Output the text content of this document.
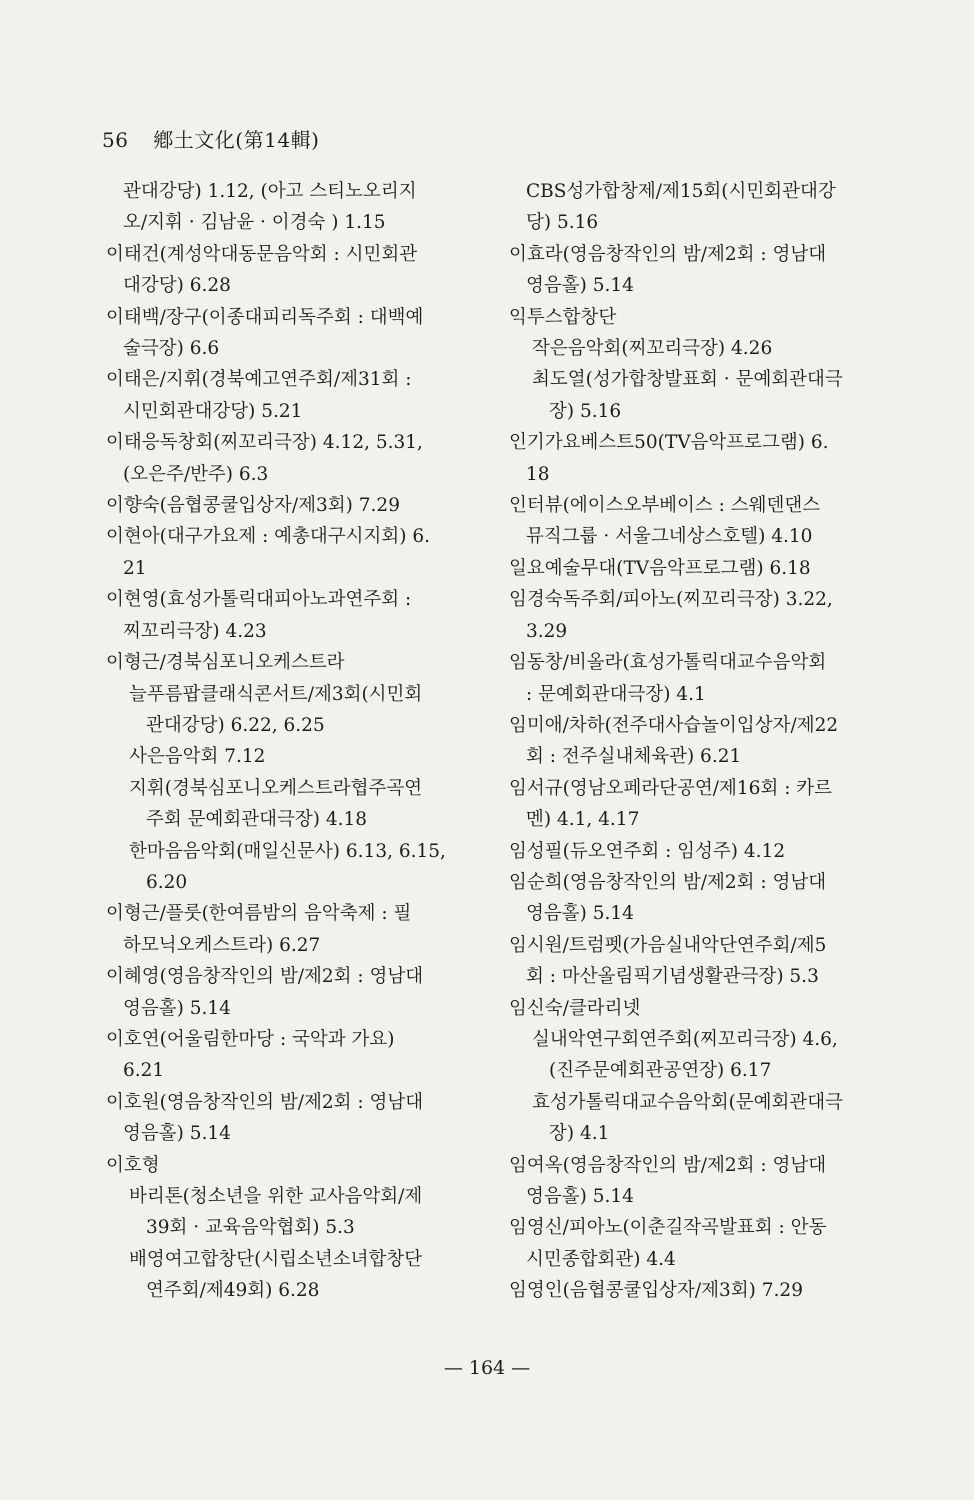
56 鄕土文化(第14輯)

관대강당) 1.12, (아고 스티노오리지

오/지휘 · 김남윤 · 이경숙 ) 1.15

이태건(계성악대동문음악회 : 시민회관

대강당) 6.28

이태백/장구(이종대피리독주회 : 대백예

술극장) 6.6

이태은/지휘(경북예고연주회/제31회 :

시민회관대강당) 5.21

이태응독창회(찌꼬리극장) 4.12, 5.31,

(오은주/반주) 6.3

이향숙(음협콩쿨입상자/제3회) 7.29

이현아(대구가요제 : 예총대구시지회) 6.

21

이현영(효성가톨릭대피아노과연주회 :

찌꼬리극장) 4.23

이형근/경북심포니오케스트라

늘푸름팝클래식콘서트/제3회(시민회

관대강당) 6.22, 6.25

사은음악회 7.12

지휘(경북심포니오케스트라협주곡연

주회 문예회관대극장) 4.18

한마음음악회(매일신문사) 6.13, 6.15,

6.20

이형근/플룻(한여름밤의 음악축제 : 필

하모닉오케스트라) 6.27

이혜영(영음창작인의 밤/제2회 : 영남대

영음홀) 5.14

이호연(어울림한마당 : 국악과 가요)

6.21

이호원(영음창작인의 밤/제2회 : 영남대

영음홀) 5.14

이호형

바리톤(청소년을 위한 교사음악회/제

39회 · 교육음악협회) 5.3

배영여고합창단(시립소년소녀합창단

연주회/제49회) 6.28

CBS성가합창제/제15회(시민회관대강

당) 5.16

이효라(영음창작인의 밤/제2회 : 영남대

영음홀) 5.14

익투스합창단

작은음악회(찌꼬리극장) 4.26

최도열(성가합창발표회 · 문예회관대극

장) 5.16

인기가요베스트50(TV음악프로그램) 6.

18

인터뷰(에이스오부베이스 : 스웨덴댄스

뮤직그룹 · 서울그네상스호텔) 4.10

일요예술무대(TV음악프로그램) 6.18

임경숙독주회/피아노(찌꼬리극장) 3.22,

3.29

임동창/비올라(효성가톨릭대교수음악회

: 문예회관대극장) 4.1

임미애/차하(전주대사습놀이입상자/제22

회 : 전주실내체육관) 6.21

임서규(영남오페라단공연/제16회 : 카르

멘) 4.1, 4.17

임성필(듀오연주회 : 임성주) 4.12

임순희(영음창작인의 밤/제2회 : 영남대

영음홀) 5.14

임시원/트럼펫(가음실내악단연주회/제5

회 : 마산올림픽기념생활관극장) 5.3

임신숙/클라리넷

실내악연구회연주회(찌꼬리극장) 4.6,

(진주문예회관공연장) 6.17

효성가톨릭대교수음악회(문예회관대극

장) 4.1

임여옥(영음창작인의 밤/제2회 : 영남대

영음홀) 5.14

임영신/피아노(이춘길작곡발표회 : 안동

시민종합회관) 4.4

임영인(음협콩쿨입상자/제3회) 7.29

— 164 —
